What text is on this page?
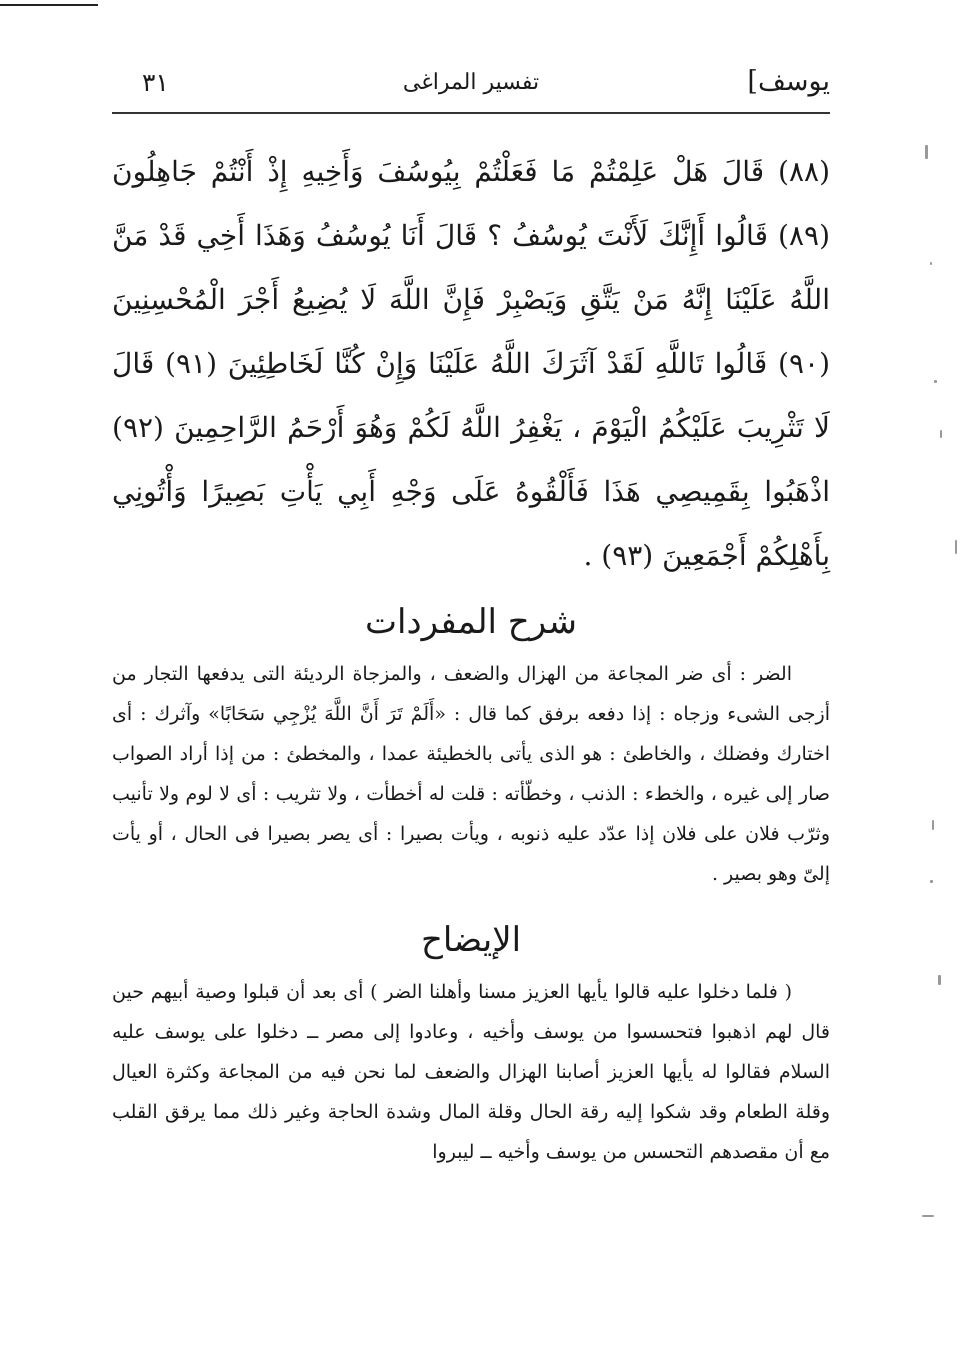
يوسف]
تفسير المراغى
٣١
(٨٨) قَالَ هَلْ عَلِمْتُمْ مَا فَعَلْتُمْ بِيُوسُفَ وَأَخِيهِ إِذْ أَنْتُمْ جَاهِلُونَ (٨٩) قَالُوا أَإِنَّكَ لَأَنْتَ يُوسُفُ ؟ قَالَ أَنَا يُوسُفُ وَهَذَا أَخِي قَدْ مَنَّ اللَّهُ عَلَيْنَا إِنَّهُ مَنْ يَتَّقِ وَيَصْبِرْ فَإِنَّ اللَّهَ لَا يُضِيعُ أَجْرَ الْمُحْسِنِينَ (٩٠) قَالُوا تَاللَّهِ لَقَدْ آثَرَكَ اللَّهُ عَلَيْنَا وَإِنْ كُنَّا لَخَاطِئِينَ (٩١) قَالَ لَا تَثْرِيبَ عَلَيْكُمُ الْيَوْمَ ، يَغْفِرُ اللَّهُ لَكُمْ وَهُوَ أَرْحَمُ الرَّاحِمِينَ (٩٢) اذْهَبُوا بِقَمِيصِي هَذَا فَأَلْقُوهُ عَلَى وَجْهِ أَبِي يَأْتِ بَصِيرًا وَأْتُونِي بِأَهْلِكُمْ أَجْمَعِينَ (٩٣) .
شرح المفردات

الضر : أى ضر المجاعة من الهزال والضعف ، والمزجاة الرديئة التى يدفعها التجار من أزجى الشىء وزجاه : إذا دفعه برفق كما قال : «أَلَمْ تَرَ أَنَّ اللَّهَ يُزْجِي سَحَابًا» وآثرك : أى اختارك وفضلك ، والخاطئ : هو الذى يأتى بالخطيئة عمدا ، والمخطئ : من إذا أراد الصواب صار إلى غيره ، والخطء : الذنب ، وخطّأته : قلت له أخطأت ، ولا تثريب : أى لا لوم ولا تأنيب وثرّب فلان على فلان إذا عدّد عليه ذنوبه ، ويأت بصيرا : أى يصر بصيرا فى الحال ، أو يأت إلىّ وهو بصير .

الإيضاح

( فلما دخلوا عليه قالوا يأيها العزيز مسنا وأهلنا الضر ) أى بعد أن قبلوا وصية أبيهم حين قال لهم اذهبوا فتحسسوا من يوسف وأخيه ، وعادوا إلى مصر ــ دخلوا على يوسف عليه السلام فقالوا له يأيها العزيز أصابنا الهزال والضعف لما نحن فيه من المجاعة وكثرة العيال وقلة الطعام وقد شكوا إليه رقة الحال وقلة المال وشدة الحاجة وغير ذلك مما يرقق القلب مع أن مقصدهم التحسس من يوسف وأخيه ــ ليبروا
